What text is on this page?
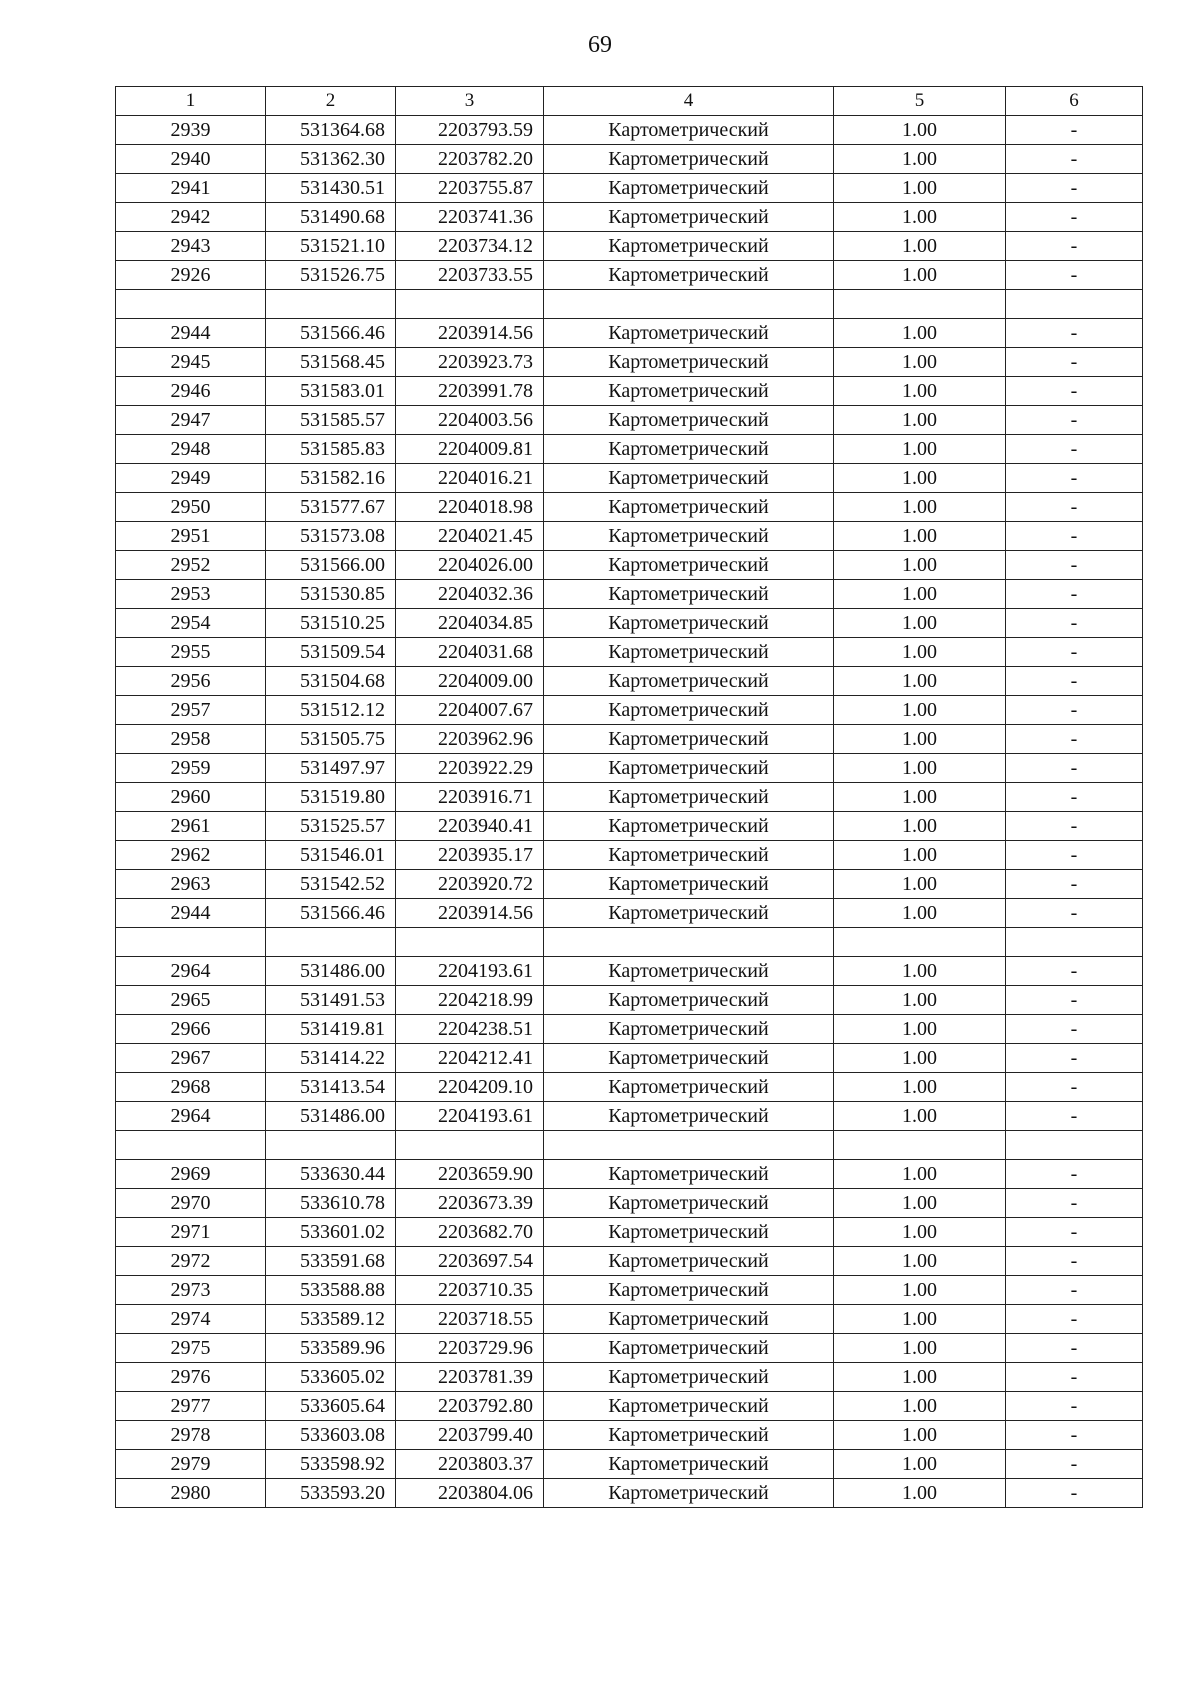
69
1	2	3	4	5	6
2939	531364.68	2203793.59	Картометрический	1.00	-
2940	531362.30	2203782.20	Картометрический	1.00	-
2941	531430.51	2203755.87	Картометрический	1.00	-
2942	531490.68	2203741.36	Картометрический	1.00	-
2943	531521.10	2203734.12	Картометрический	1.00	-
2926	531526.75	2203733.55	Картометрический	1.00	-

2944	531566.46	2203914.56	Картометрический	1.00	-
2945	531568.45	2203923.73	Картометрический	1.00	-
2946	531583.01	2203991.78	Картометрический	1.00	-
2947	531585.57	2204003.56	Картометрический	1.00	-
2948	531585.83	2204009.81	Картометрический	1.00	-
2949	531582.16	2204016.21	Картометрический	1.00	-
2950	531577.67	2204018.98	Картометрический	1.00	-
2951	531573.08	2204021.45	Картометрический	1.00	-
2952	531566.00	2204026.00	Картометрический	1.00	-
2953	531530.85	2204032.36	Картометрический	1.00	-
2954	531510.25	2204034.85	Картометрический	1.00	-
2955	531509.54	2204031.68	Картометрический	1.00	-
2956	531504.68	2204009.00	Картометрический	1.00	-
2957	531512.12	2204007.67	Картометрический	1.00	-
2958	531505.75	2203962.96	Картометрический	1.00	-
2959	531497.97	2203922.29	Картометрический	1.00	-
2960	531519.80	2203916.71	Картометрический	1.00	-
2961	531525.57	2203940.41	Картометрический	1.00	-
2962	531546.01	2203935.17	Картометрический	1.00	-
2963	531542.52	2203920.72	Картометрический	1.00	-
2944	531566.46	2203914.56	Картометрический	1.00	-

2964	531486.00	2204193.61	Картометрический	1.00	-
2965	531491.53	2204218.99	Картометрический	1.00	-
2966	531419.81	2204238.51	Картометрический	1.00	-
2967	531414.22	2204212.41	Картометрический	1.00	-
2968	531413.54	2204209.10	Картометрический	1.00	-
2964	531486.00	2204193.61	Картометрический	1.00	-

2969	533630.44	2203659.90	Картометрический	1.00	-
2970	533610.78	2203673.39	Картометрический	1.00	-
2971	533601.02	2203682.70	Картометрический	1.00	-
2972	533591.68	2203697.54	Картометрический	1.00	-
2973	533588.88	2203710.35	Картометрический	1.00	-
2974	533589.12	2203718.55	Картометрический	1.00	-
2975	533589.96	2203729.96	Картометрический	1.00	-
2976	533605.02	2203781.39	Картометрический	1.00	-
2977	533605.64	2203792.80	Картометрический	1.00	-
2978	533603.08	2203799.40	Картометрический	1.00	-
2979	533598.92	2203803.37	Картометрический	1.00	-
2980	533593.20	2203804.06	Картометрический	1.00	-
